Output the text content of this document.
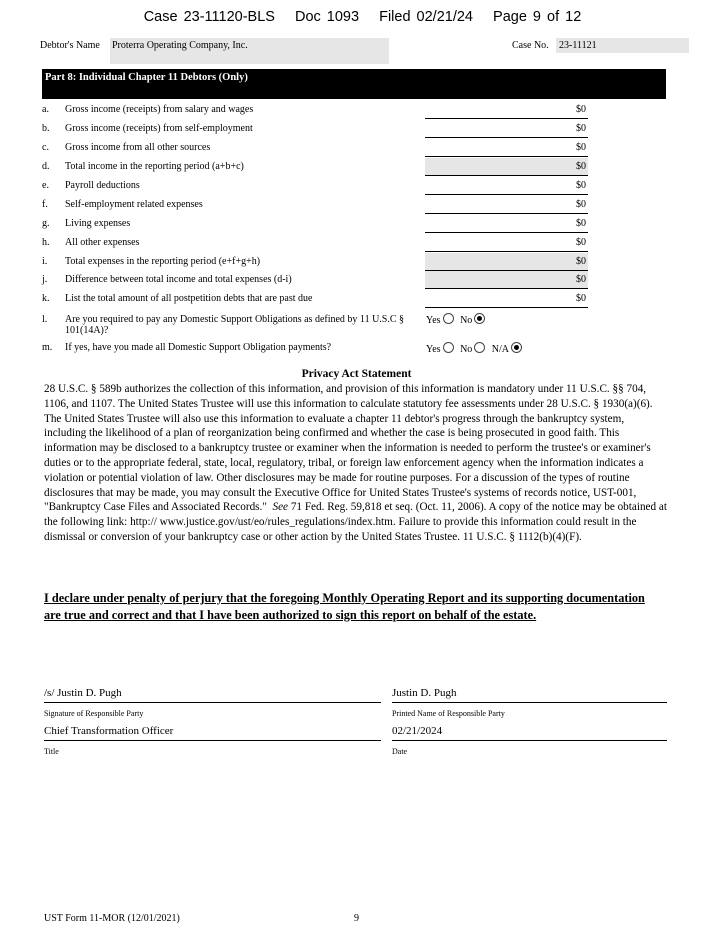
Case 23-11120-BLS Doc 1093 Filed 02/21/24 Page 9 of 12
Debtor's Name Proterra Operating Company, Inc.	Case No. 23-11121
Part 8: Individual Chapter 11 Debtors (Only)
a. Gross income (receipts) from salary and wages	$0
b. Gross income (receipts) from self-employment	$0
c. Gross income from all other sources	$0
d. Total income in the reporting period (a+b+c)	$0
e. Payroll deductions	$0
f. Self-employment related expenses	$0
g. Living expenses	$0
h. All other expenses	$0
i. Total expenses in the reporting period (e+f+g+h)	$0
j. Difference between total income and total expenses (d-i)	$0
k. List the total amount of all postpetition debts that are past due	$0
l. Are you required to pay any Domestic Support Obligations as defined by 11 U.S.C § 101(14A)?
Yes No
m. If yes, have you made all Domestic Support Obligation payments?	Yes No N/A
Privacy Act Statement
28 U.S.C. § 589b authorizes the collection of this information, and provision of this information is mandatory under 11 U.S.C. §§ 704, 1106, and 1107. The United States Trustee will use this information to calculate statutory fee assessments under 28 U.S.C. § 1930(a)(6). The United States Trustee will also use this information to evaluate a chapter 11 debtor's progress through the bankruptcy system, including the likelihood of a plan of reorganization being confirmed and whether the case is being prosecuted in good faith. This information may be disclosed to a bankruptcy trustee or examiner when the information is needed to perform the trustee's or examiner's duties or to the appropriate federal, state, local, regulatory, tribal, or foreign law enforcement agency when the information indicates a violation or potential violation of law. Other disclosures may be made for routine purposes. For a discussion of the types of routine disclosures that may be made, you may consult the Executive Office for United States Trustee's systems of records notice, UST-001, "Bankruptcy Case Files and Associated Records." See 71 Fed. Reg. 59,818 et seq. (Oct. 11, 2006). A copy of the notice may be obtained at the following link: http:// www.justice.gov/ust/eo/rules_regulations/index.htm. Failure to provide this information could result in the dismissal or conversion of your bankruptcy case or other action by the United States Trustee. 11 U.S.C. § 1112(b)(4)(F).
I declare under penalty of perjury that the foregoing Monthly Operating Report and its supporting documentation are true and correct and that I have been authorized to sign this report on behalf of the estate.
/s/ Justin D. Pugh
Signature of Responsible Party
Justin D. Pugh
Printed Name of Responsible Party
Chief Transformation Officer
Title
02/21/2024
Date
UST Form 11-MOR (12/01/2021)	9
